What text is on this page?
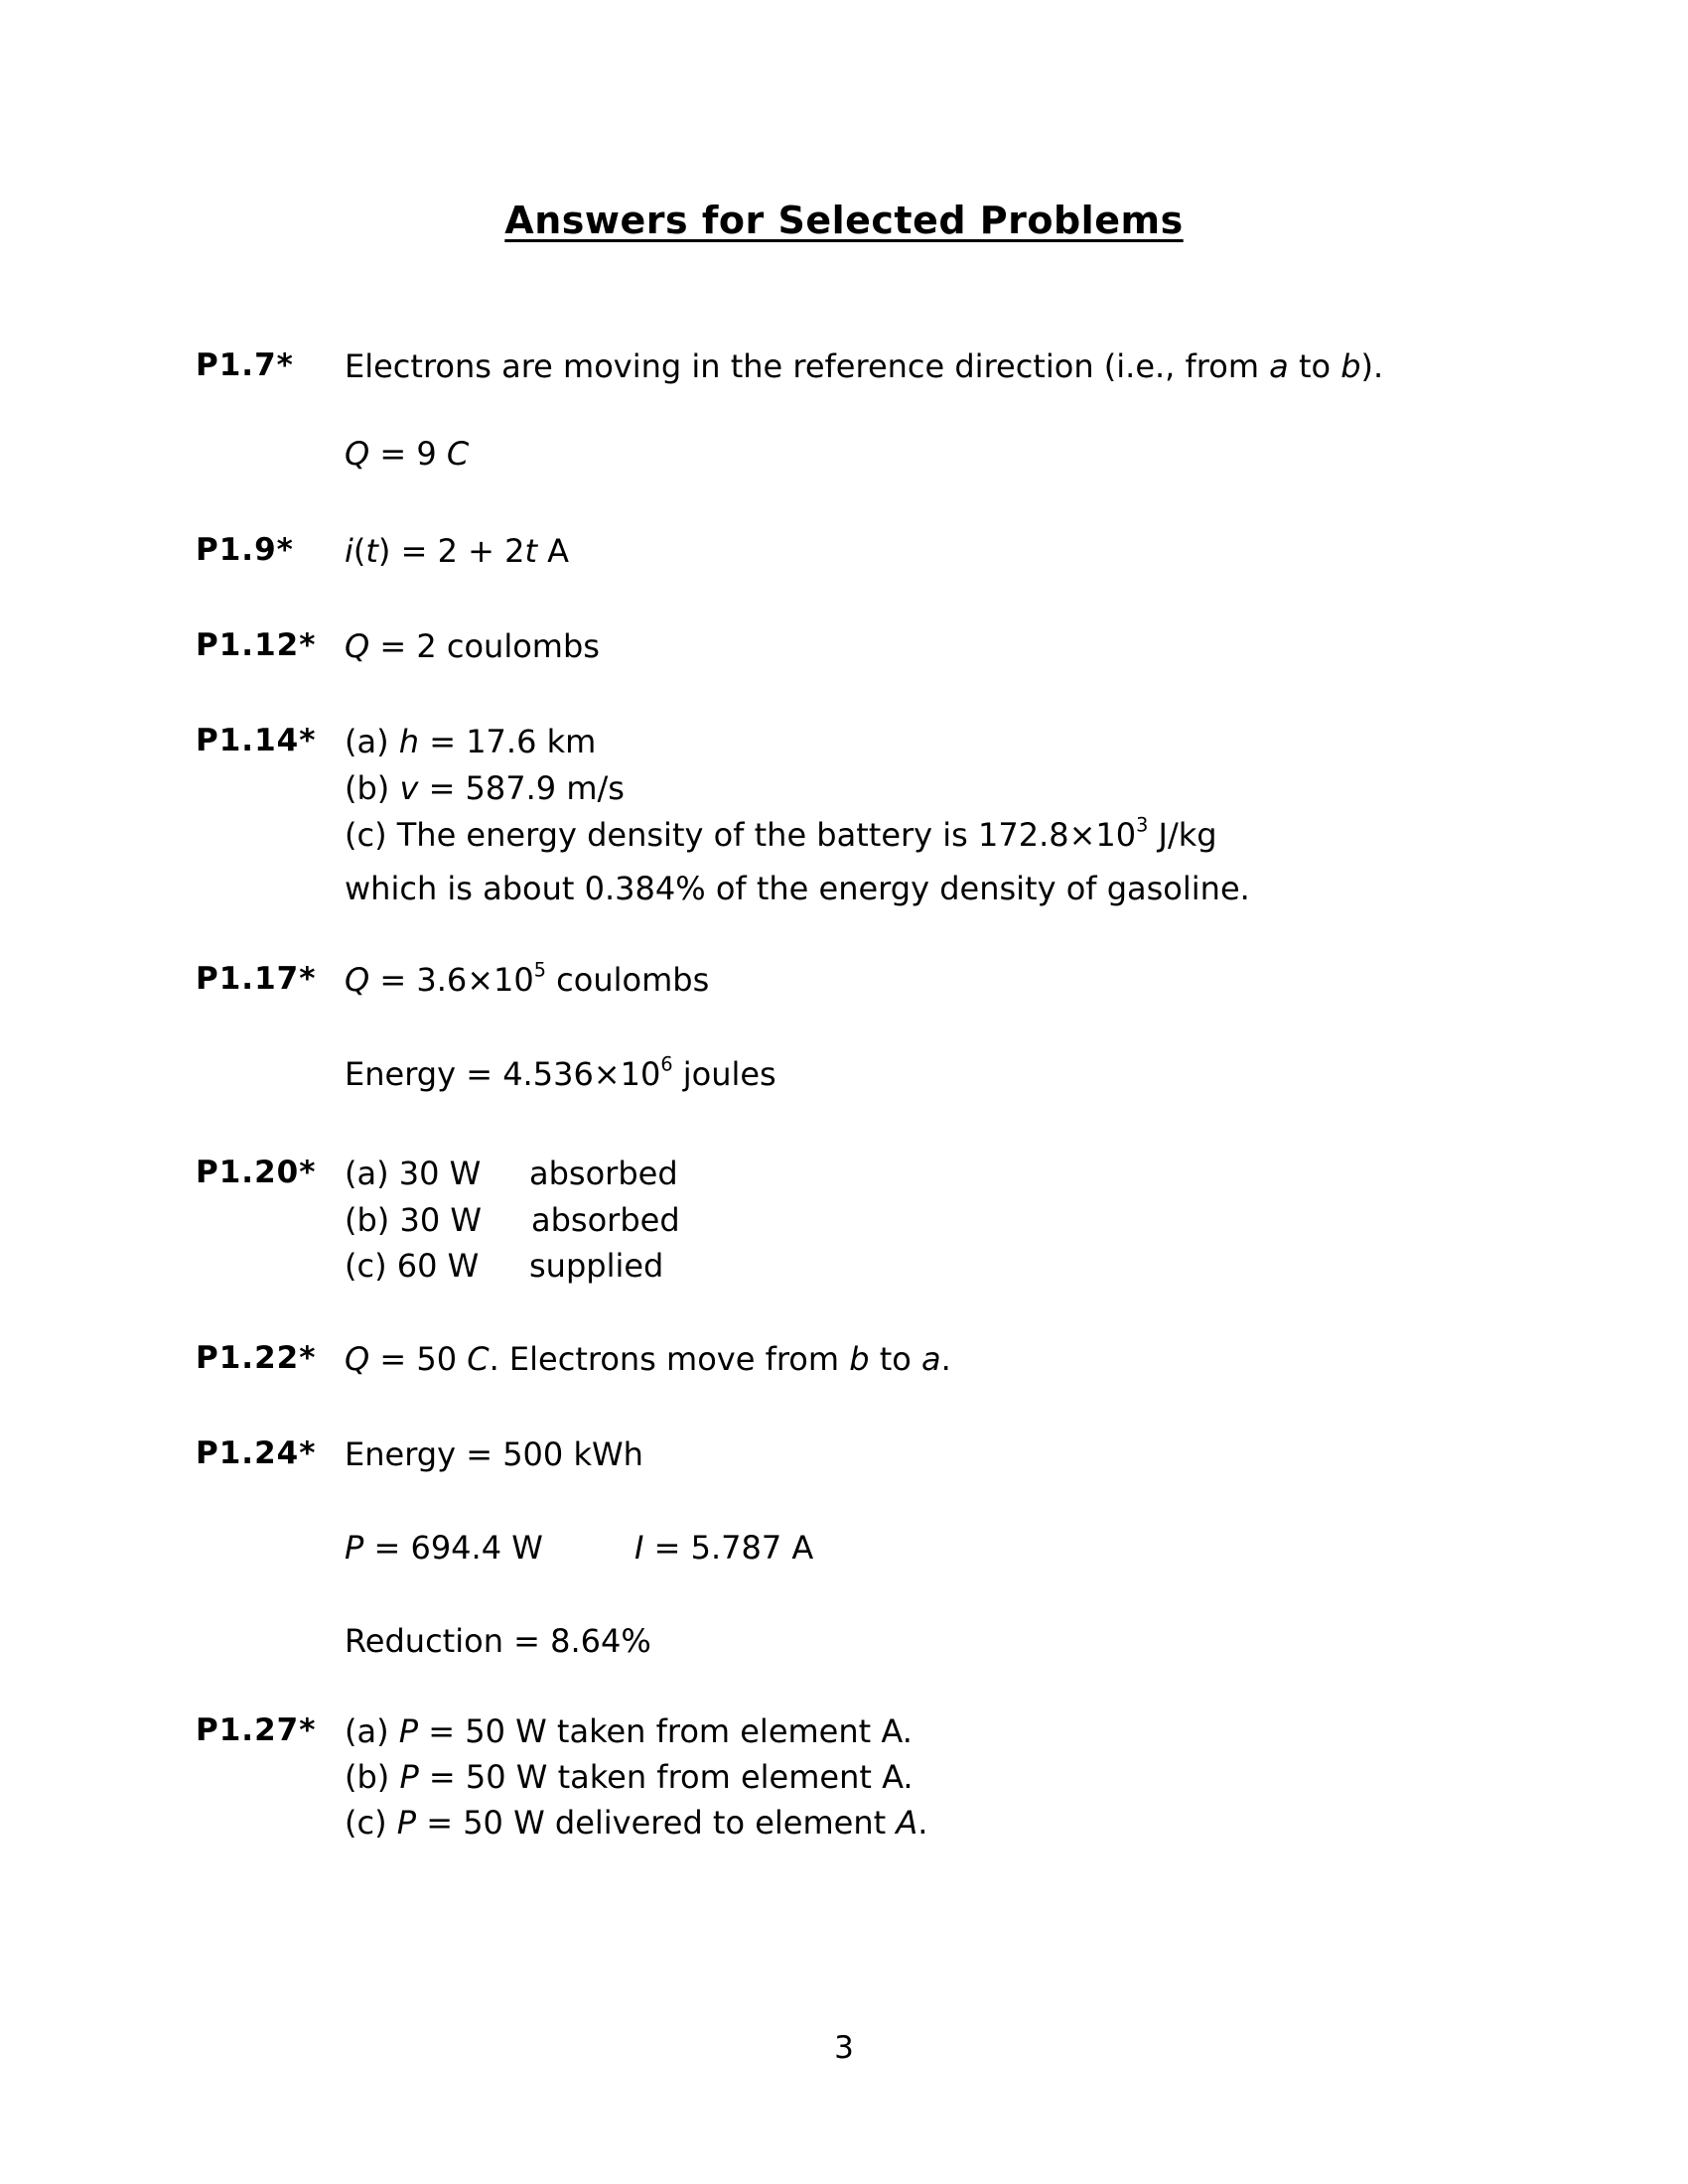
Answers for Selected Problems
P1.7* Electrons are moving in the reference direction (i.e., from a to b).
Q = 9 C
P1.9* i(t) = 2 + 2t A
P1.12* Q = 2 coulombs
P1.14* (a) h = 17.6 km
(b) v = 587.9 m/s
(c) The energy density of the battery is $172.8\times 10^3$ J/kg
which is about 0.384% of the energy density of gasoline.
P1.17* $Q = 3.6\times 10^5$ coulombs
Energy = $4.536\times 10^6$ joules
P1.20* (a) 30 W absorbed
(b) 30 W absorbed
(c) 60 W supplied
P1.22* Q = 50 C. Electrons move from b to a.
P1.24* Energy = 500 kWh
P = 694.4 W	I = 5.787 A
Reduction = 8.64%
P1.27* (a) P = 50 W taken from element A.
(b) P = 50 W taken from element A.
(c) P = 50 W delivered to element A.
3
